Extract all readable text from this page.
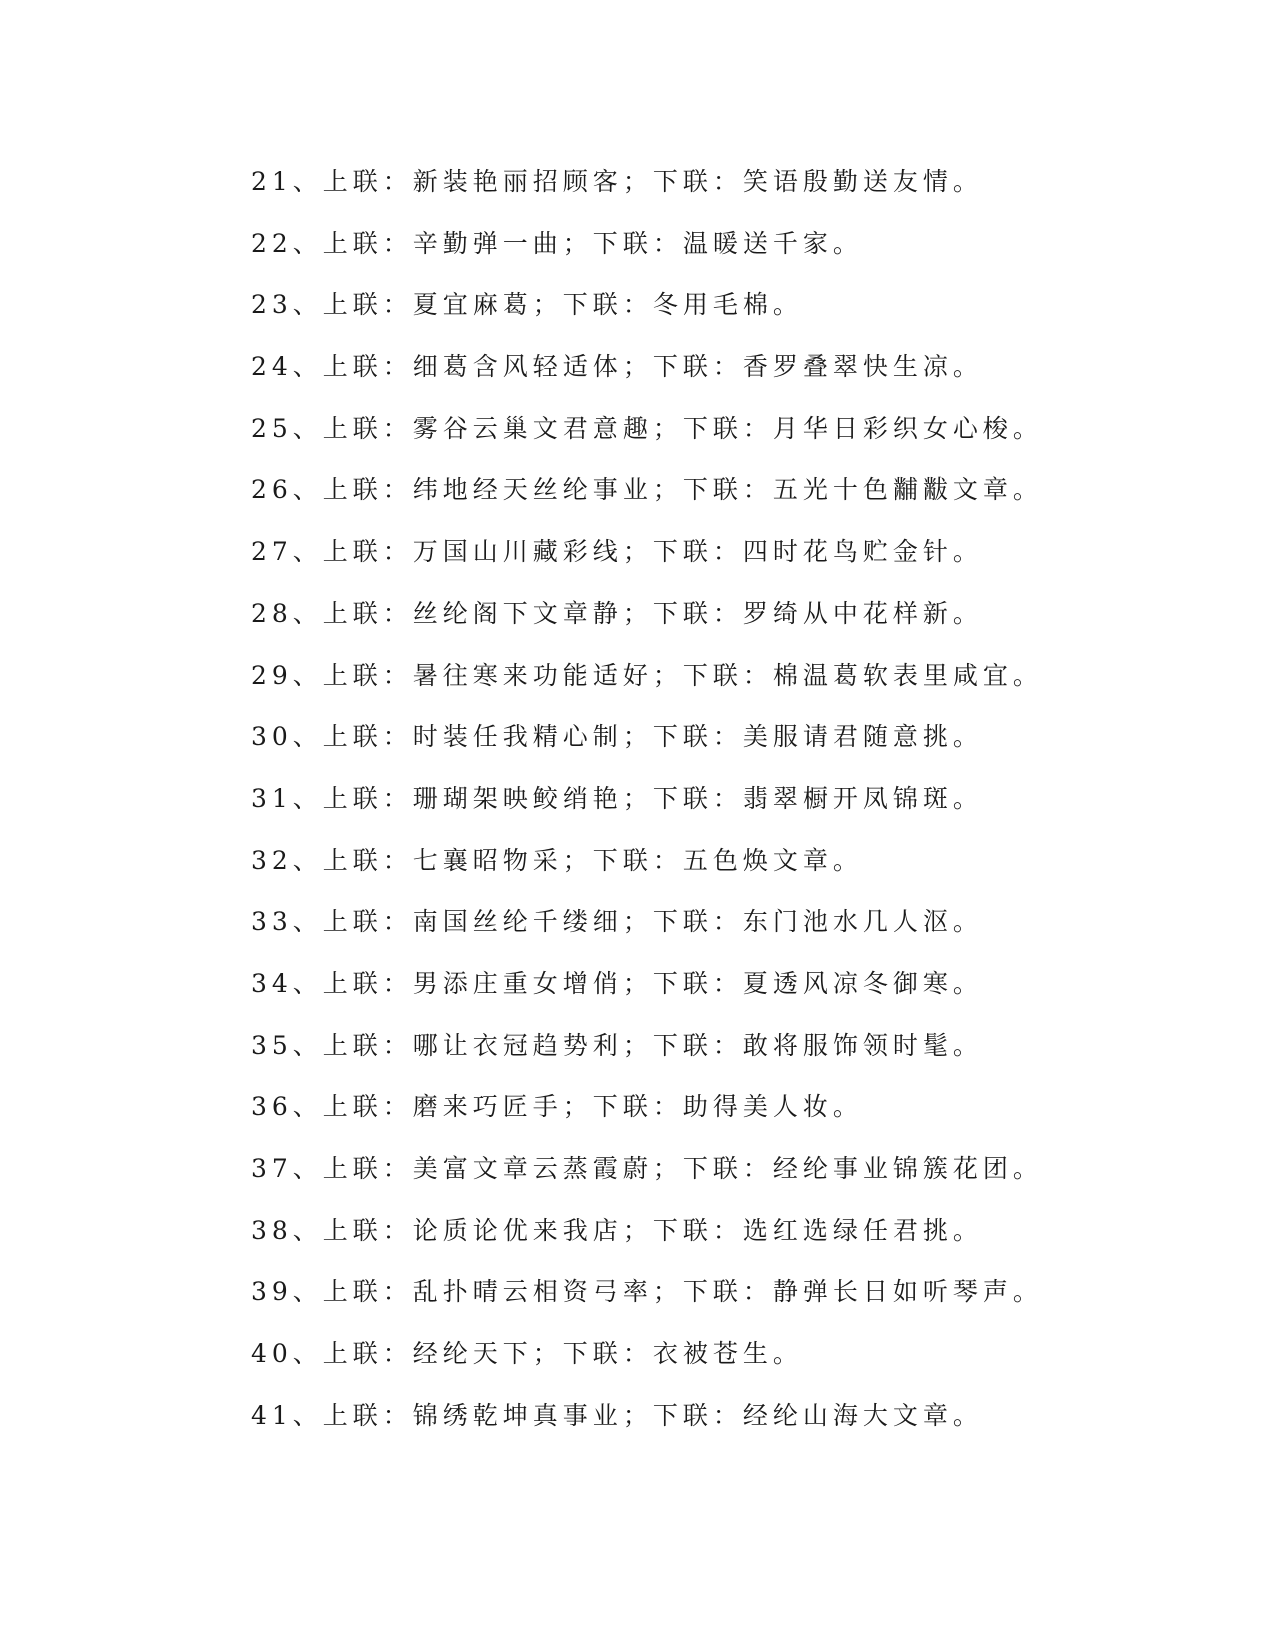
21、上联：新装艳丽招顾客；下联：笑语殷勤送友情。
22、上联：辛勤弹一曲；下联：温暖送千家。
23、上联：夏宜麻葛；下联：冬用毛棉。
24、上联：细葛含风轻适体；下联：香罗叠翠快生凉。
25、上联：雾谷云巢文君意趣；下联：月华日彩织女心梭。
26、上联：纬地经天丝纶事业；下联：五光十色黼黻文章。
27、上联：万国山川藏彩线；下联：四时花鸟贮金针。
28、上联：丝纶阁下文章静；下联：罗绮从中花样新。
29、上联：暑往寒来功能适好；下联：棉温葛软表里咸宜。
30、上联：时装任我精心制；下联：美服请君随意挑。
31、上联：珊瑚架映鲛绡艳；下联：翡翠橱开凤锦斑。
32、上联：七襄昭物采；下联：五色焕文章。
33、上联：南国丝纶千缕细；下联：东门池水几人沤。
34、上联：男添庄重女增俏；下联：夏透风凉冬御寒。
35、上联：哪让衣冠趋势利；下联：敢将服饰领时髦。
36、上联：磨来巧匠手；下联：助得美人妆。
37、上联：美富文章云蒸霞蔚；下联：经纶事业锦簇花团。
38、上联：论质论优来我店；下联：选红选绿任君挑。
39、上联：乱扑晴云相资弓率；下联：静弹长日如听琴声。
40、上联：经纶天下；下联：衣被苍生。
41、上联：锦绣乾坤真事业；下联：经纶山海大文章。
